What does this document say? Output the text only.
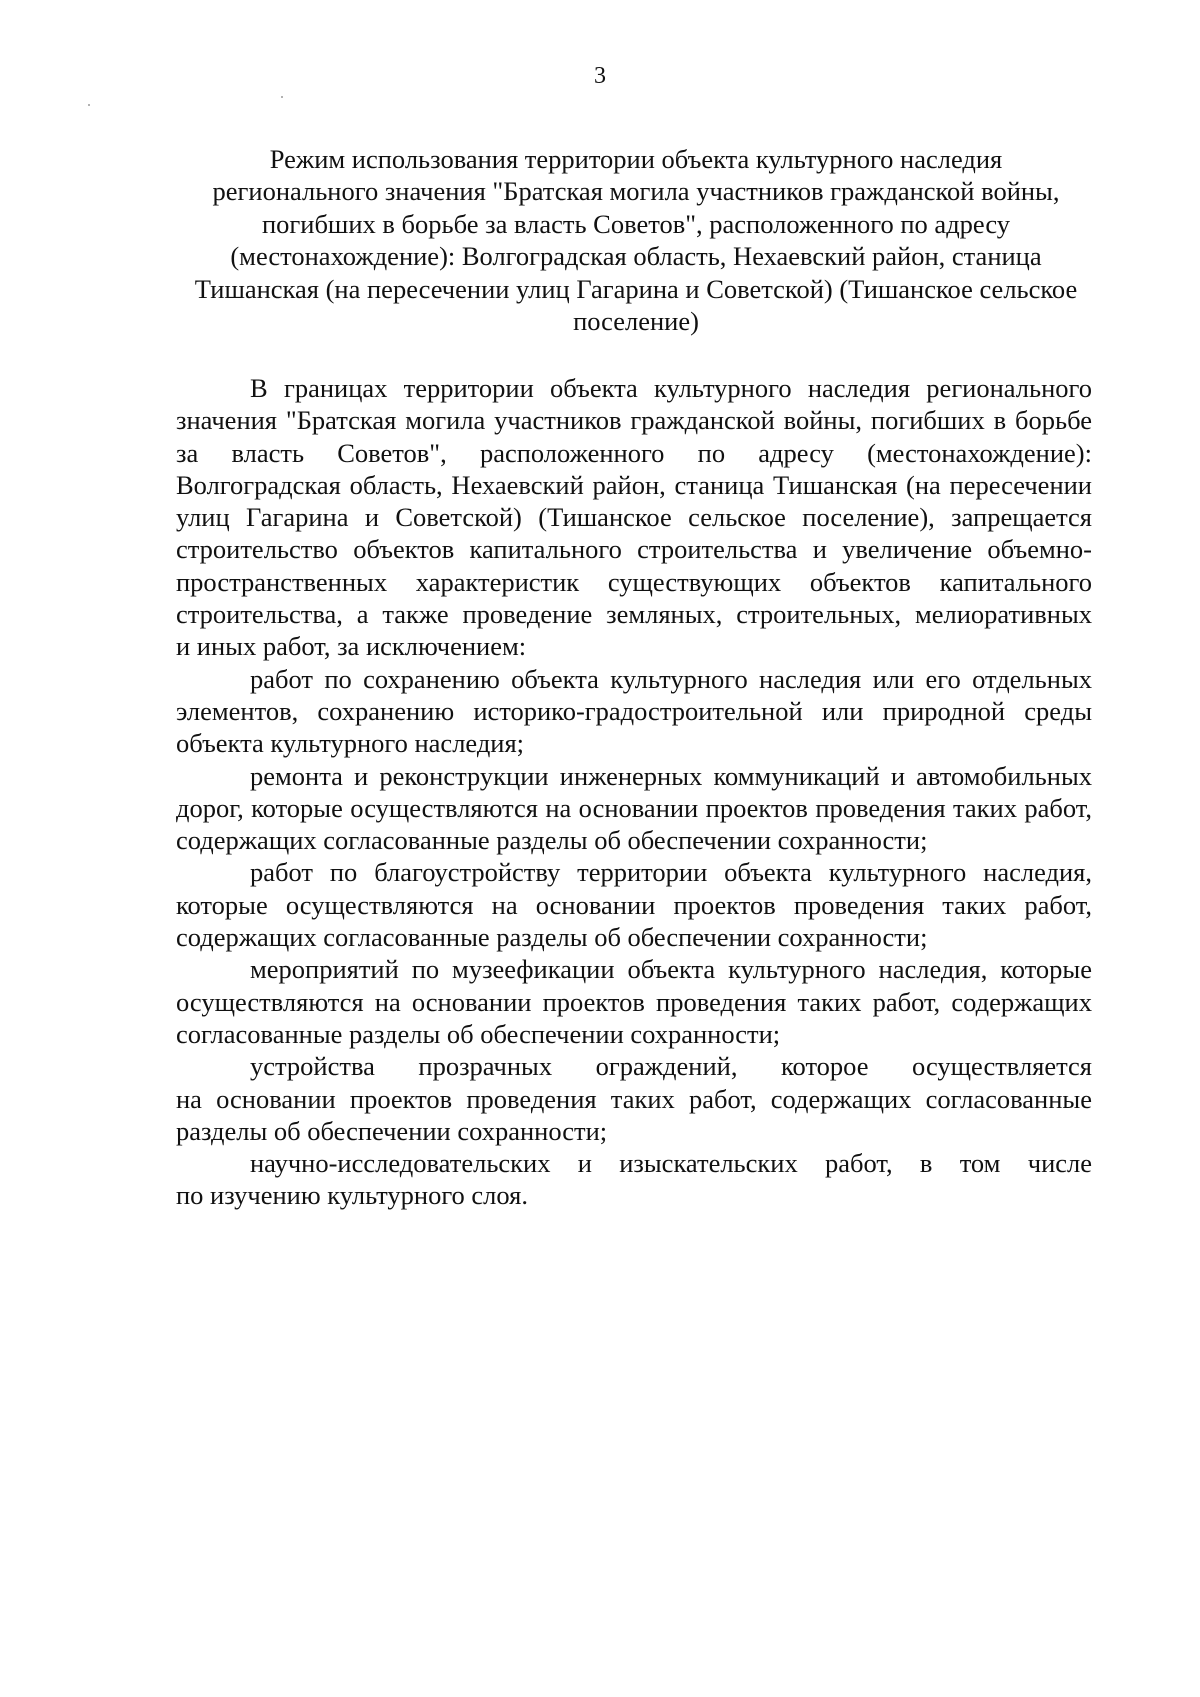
3
Режим использования территории объекта культурного наследия
регионального значения "Братская могила участников гражданской войны,
погибших в борьбе за власть Советов", расположенного по адресу
(местонахождение): Волгоградская область, Нехаевский район, станица
Тишанская (на пересечении улиц Гагарина и Советской) (Тишанское сельское
поселение)

В границах территории объекта культурного наследия регионального
значения "Братская могила участников гражданской войны, погибших в борьбе
за власть Советов", расположенного по адресу (местонахождение):
Волгоградская область, Нехаевский район, станица Тишанская (на пересечении
улиц Гагарина и Советской) (Тишанское сельское поселение), запрещается
строительство объектов капитального строительства и увеличение объемно-
пространственных характеристик существующих объектов капитального
строительства, а также проведение земляных, строительных, мелиоративных
и иных работ, за исключением:

работ по сохранению объекта культурного наследия или его отдельных
элементов, сохранению историко-градостроительной или природной среды
объекта культурного наследия;

ремонта и реконструкции инженерных коммуникаций и автомобильных
дорог, которые осуществляются на основании проектов проведения таких работ,
содержащих согласованные разделы об обеспечении сохранности;

работ по благоустройству территории объекта культурного наследия,
которые осуществляются на основании проектов проведения таких работ,
содержащих согласованные разделы об обеспечении сохранности;

мероприятий по музеефикации объекта культурного наследия, которые
осуществляются на основании проектов проведения таких работ, содержащих
согласованные разделы об обеспечении сохранности;

устройства прозрачных ограждений, которое осуществляется
на основании проектов проведения таких работ, содержащих согласованные
разделы об обеспечении сохранности;

научно-исследовательских и изыскательских работ, в том числе
по изучению культурного слоя.
